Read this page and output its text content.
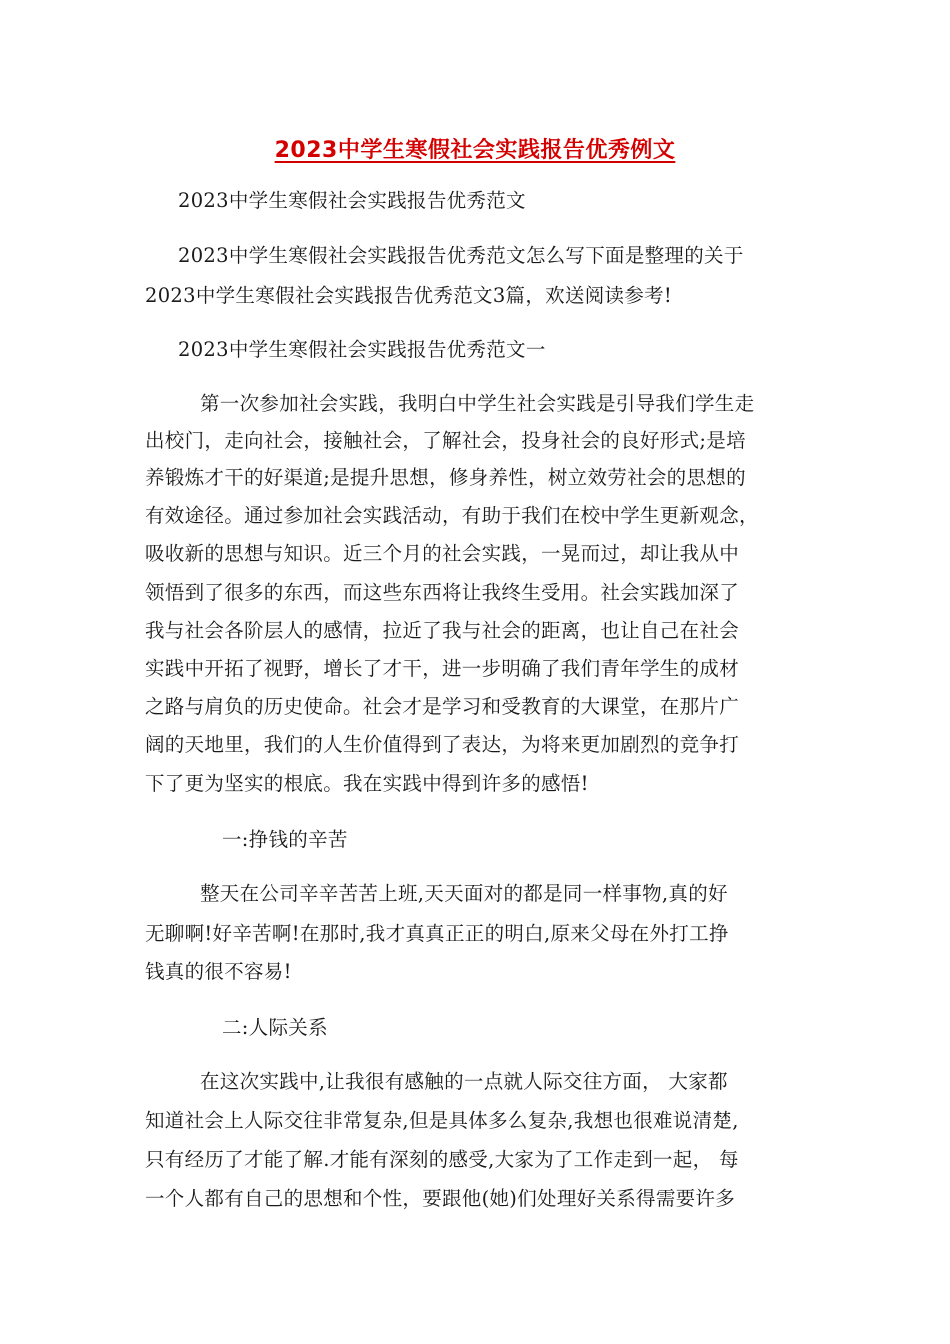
2023中学生寒假社会实践报告优秀例文
2023中学生寒假社会实践报告优秀范文
2023中学生寒假社会实践报告优秀范文怎么写下面是整理的关于
2023中学生寒假社会实践报告优秀范文3篇，欢送阅读参考!
2023中学生寒假社会实践报告优秀范文一
第一次参加社会实践，我明白中学生社会实践是引导我们学生走
出校门，走向社会，接触社会，了解社会，投身社会的良好形式;是培
养锻炼才干的好渠道;是提升思想，修身养性，树立效劳社会的思想的
有效途径。通过参加社会实践活动，有助于我们在校中学生更新观念，
吸收新的思想与知识。近三个月的社会实践，一晃而过，却让我从中
领悟到了很多的东西，而这些东西将让我终生受用。社会实践加深了
我与社会各阶层人的感情，拉近了我与社会的距离，也让自己在社会
实践中开拓了视野，增长了才干，进一步明确了我们青年学生的成材
之路与肩负的历史使命。社会才是学习和受教育的大课堂，在那片广
阔的天地里，我们的人生价值得到了表达，为将来更加剧烈的竞争打
下了更为坚实的根底。我在实践中得到许多的感悟!
一:挣钱的辛苦
整天在公司辛辛苦苦上班,天天面对的都是同一样事物,真的好
无聊啊!好辛苦啊!在那时,我才真真正正的明白,原来父母在外打工挣
钱真的很不容易!
二:人际关系
在这次实践中,让我很有感触的一点就人际交往方面， 大家都
知道社会上人际交往非常复杂,但是具体多么复杂,我想也很难说清楚,
只有经历了才能了解.才能有深刻的感受,大家为了工作走到一起， 每
一个人都有自己的思想和个性，要跟他(她)们处理好关系得需要许多
